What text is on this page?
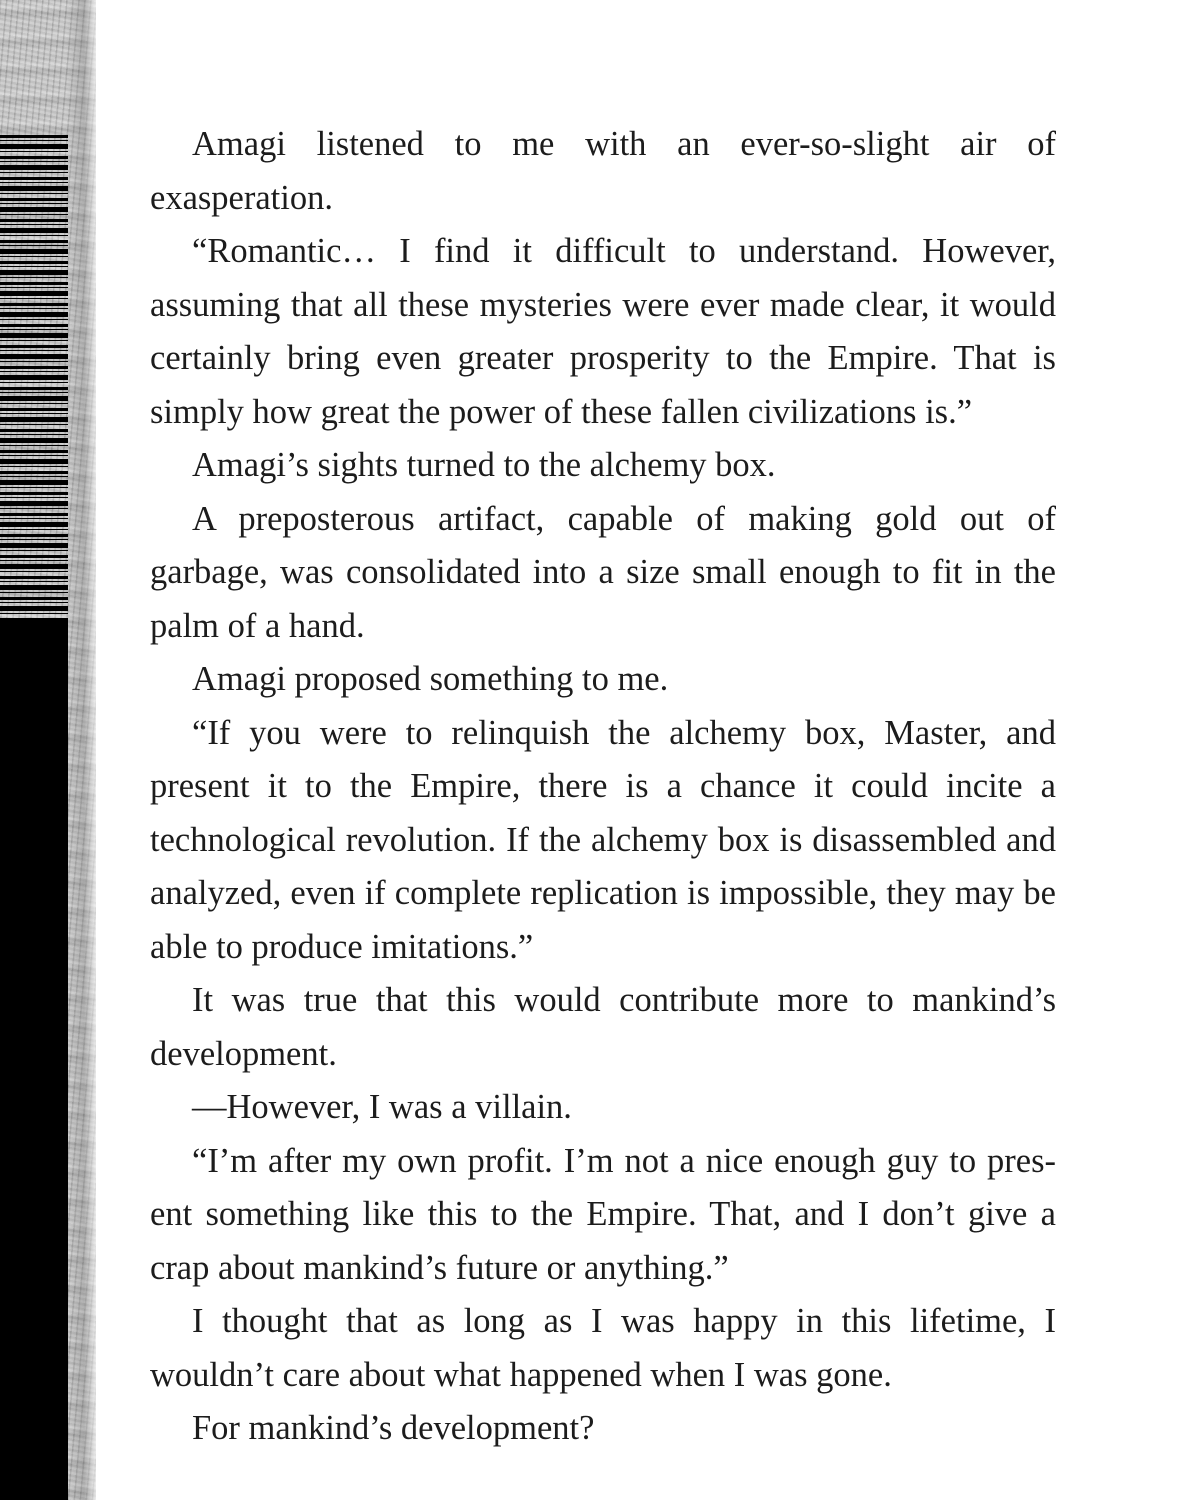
Amagi listened to me with an ever-so-slight air of exasperation.

“Romantic… I find it difficult to understand. However, assuming that all these mysteries were ever made clear, it would certainly bring even greater prosperity to the Empire. That is simply how great the power of these fallen civilizations is.”

Amagi’s sights turned to the alchemy box.

A preposterous artifact, capable of making gold out of garbage, was consolidated into a size small enough to fit in the palm of a hand.

Amagi proposed something to me.

“If you were to relinquish the alchemy box, Master, and present it to the Empire, there is a chance it could incite a technological revolution. If the alchemy box is disassembled and analyzed, even if complete replication is impossible, they may be able to produce imitations.”

It was true that this would contribute more to mankind’s development.

—However, I was a villain.

“I’m after my own profit. I’m not a nice enough guy to present something like this to the Empire. That, and I don’t give a crap about mankind’s future or anything.”

I thought that as long as I was happy in this lifetime, I wouldn’t care about what happened when I was gone.

For mankind’s development?
